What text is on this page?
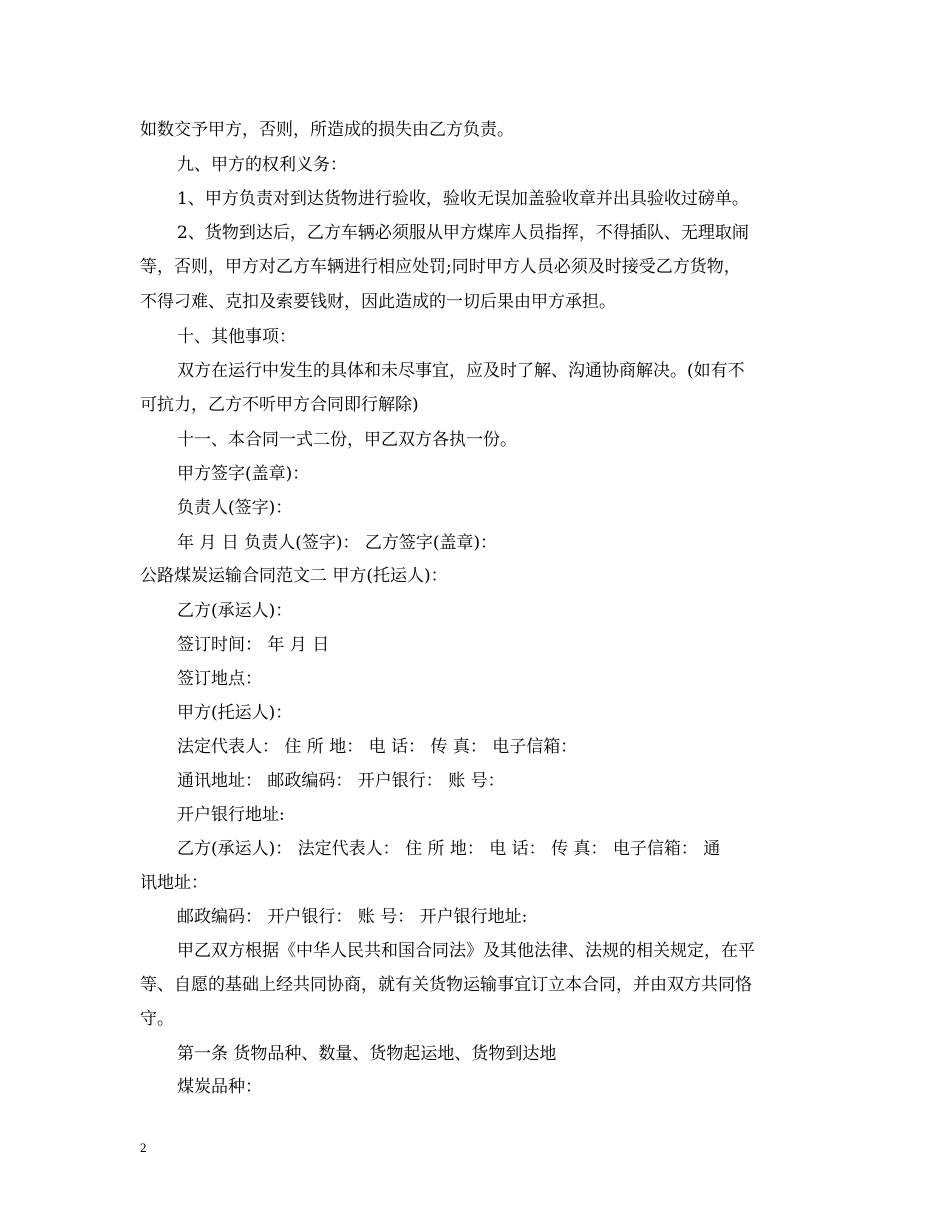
如数交予甲方，否则，所造成的损失由乙方负责。
九、甲方的权利义务：
1、甲方负责对到达货物进行验收，验收无误加盖验收章并出具验收过磅单。
2、货物到达后，乙方车辆必须服从甲方煤库人员指挥，不得插队、无理取闹
等，否则，甲方对乙方车辆进行相应处罚;同时甲方人员必须及时接受乙方货物，
不得刁难、克扣及索要钱财，因此造成的一切后果由甲方承担。
十、其他事项：
双方在运行中发生的具体和未尽事宜，应及时了解、沟通协商解决。(如有不
可抗力，乙方不听甲方合同即行解除)
十一、本合同一式二份，甲乙双方各执一份。
甲方签字(盖章)：
负责人(签字)：
年 月 日 负责人(签字)： 乙方签字(盖章)：
公路煤炭运输合同范文二 甲方(托运人)：
乙方(承运人)：
签订时间： 年 月 日
签订地点：
甲方(托运人)：
法定代表人： 住 所 地： 电 话： 传 真： 电子信箱：
通讯地址： 邮政编码： 开户银行： 账 号：
开户银行地址:
乙方(承运人)： 法定代表人： 住 所 地： 电 话： 传 真： 电子信箱： 通
讯地址：
邮政编码： 开户银行： 账 号： 开户银行地址:
甲乙双方根据《中华人民共和国合同法》及其他法律、法规的相关规定，在平
等、自愿的基础上经共同协商，就有关货物运输事宜订立本合同，并由双方共同恪
守。
第一条 货物品种、数量、货物起运地、货物到达地
煤炭品种：
2
